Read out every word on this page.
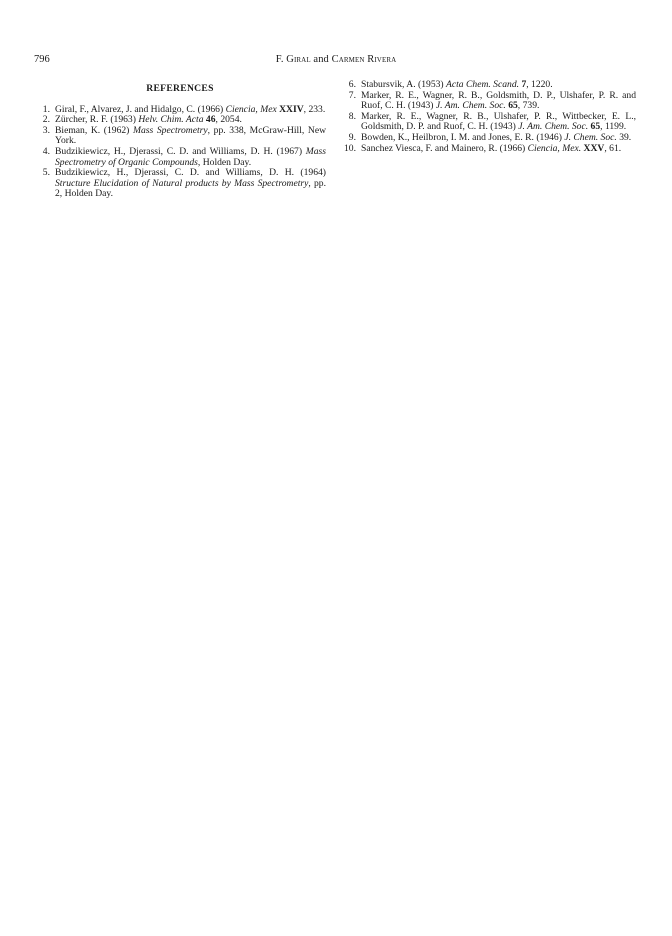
796	F. Giral and Carmen Rivera
REFERENCES
1. Giral, F., Alvarez, J. and Hidalgo, C. (1966) Ciencia, Mex XXIV, 233.
2. Zürcher, R. F. (1963) Helv. Chim. Acta 46, 2054.
3. Bieman, K. (1962) Mass Spectrometry, pp. 338, McGraw-Hill, New York.
4. Budzikiewicz, H., Djerassi, C. D. and Williams, D. H. (1967) Mass Spectrometry of Organic Compounds, Holden Day.
5. Budzikiewicz, H., Djerassi, C. D. and Williams, D. H. (1964) Structure Elucidation of Natural products by Mass Spectrometry, pp. 2, Holden Day.
6. Stabursvik, A. (1953) Acta Chem. Scand. 7, 1220.
7. Marker, R. E., Wagner, R. B., Goldsmith, D. P., Ulshafer, P. R. and Ruof, C. H. (1943) J. Am. Chem. Soc. 65, 739.
8. Marker, R. E., Wagner, R. B., Ulshafer, P. R., Wittbecker, E. L., Goldsmith, D. P. and Ruof, C. H. (1943) J. Am. Chem. Soc. 65, 1199.
9. Bowden, K., Heilbron, I. M. and Jones, E. R. (1946) J. Chem. Soc. 39.
10. Sanchez Viesca, F. and Mainero, R. (1966) Ciencia, Mex. XXV, 61.
